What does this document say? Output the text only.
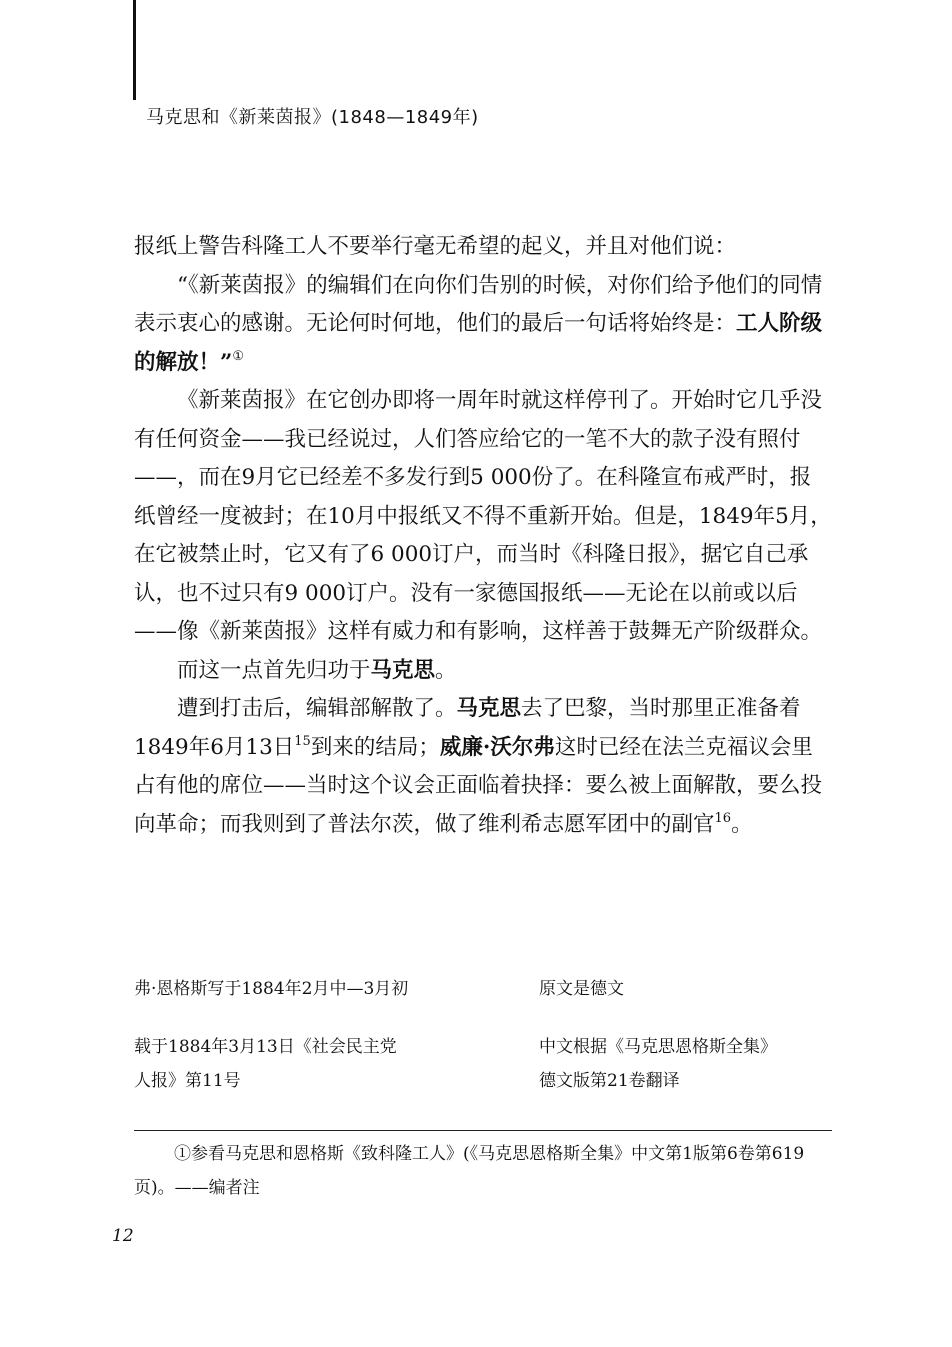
马克思和《新莱茵报》(1848—1849年)

报纸上警告科隆工人不要举行毫无希望的起义，并且对他们说：

“《新莱茵报》的编辑们在向你们告别的时候，对你们给予他们的同情表示衷心的感谢。无论何时何地，他们的最后一句话将始终是：工人阶级的解放！”①

《新莱茵报》在它创办即将一周年时就这样停刊了。开始时它几乎没有任何资金——我已经说过，人们答应给它的一笔不大的款子没有照付——，而在9月它已经差不多发行到5 000份了。在科隆宣布戒严时，报纸曾经一度被封；在10月中报纸又不得不重新开始。但是，1849年5月，在它被禁止时，它又有了6 000订户，而当时《科隆日报》，据它自己承认，也不过只有9 000订户。没有一家德国报纸——无论在以前或以后——像《新莱茵报》这样有威力和有影响，这样善于鼓舞无产阶级群众。

而这一点首先归功于马克思。

遭到打击后，编辑部解散了。马克思去了巴黎，当时那里正准备着1849年6月13日$^{15}$到来的结局；威廉·沃尔弗这时已经在法兰克福议会里占有他的席位——当时这个议会正面临着抉择：要么被上面解散，要么投向革命；而我则到了普法尔茨，做了维利希志愿军团中的副官$^{16}$。

弗·恩格斯写于1884年2月中—3月初	原文是德文
载于1884年3月13日《社会民主党	中文根据《马克思恩格斯全集》
人报》第11号	德文版第21卷翻译

①参看马克思和恩格斯《致科隆工人》(《马克思恩格斯全集》中文第1版第6卷第619页)。——编者注

12
